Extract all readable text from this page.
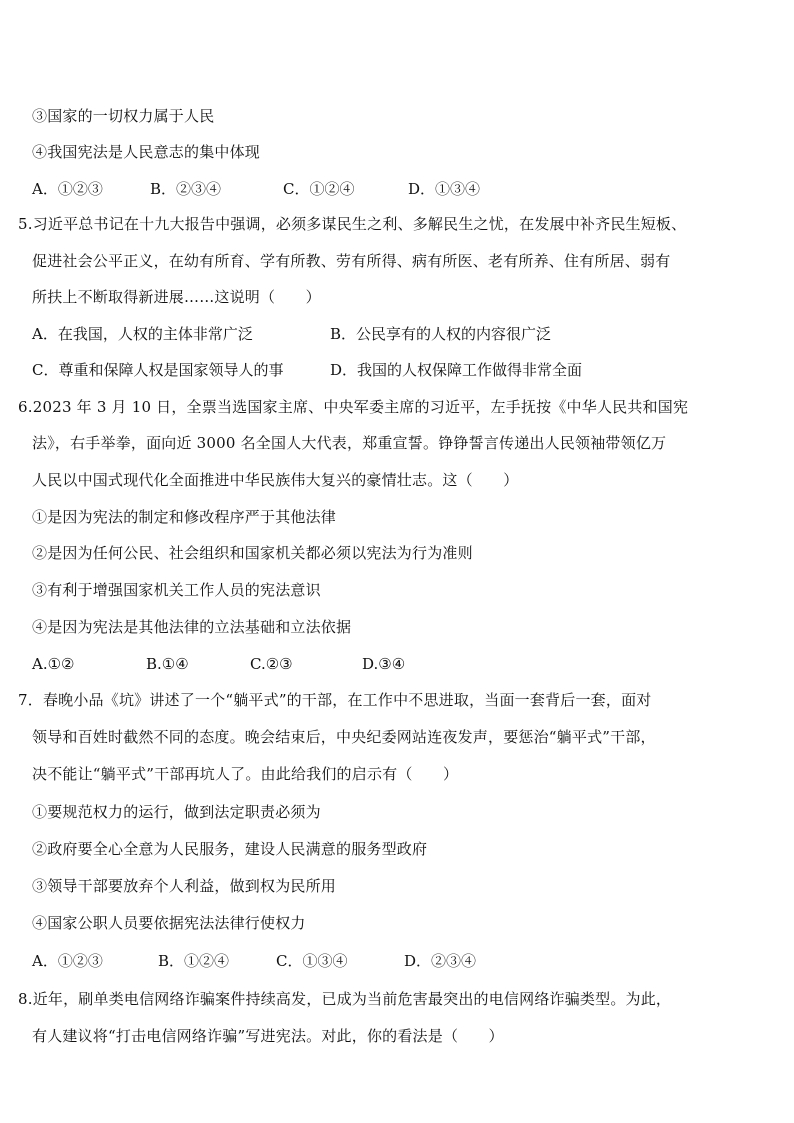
③国家的一切权力属于人民
④我国宪法是人民意志的集中体现
A．①②③	B．②③④	C．①②④	D．①③④
5.习近平总书记在十九大报告中强调，必须多谋民生之利、多解民生之忧，在发展中补齐民生短板、
促进社会公平正义，在幼有所育、学有所教、劳有所得、病有所医、老有所养、住有所居、弱有
所扶上不断取得新进展……这说明（　　）
A．在我国，人权的主体非常广泛	B．公民享有的人权的内容很广泛
C．尊重和保障人权是国家领导人的事	D．我国的人权保障工作做得非常全面
6.2023 年 3 月 10 日，全票当选国家主席、中央军委主席的习近平，左手抚按《中华人民共和国宪
法》，右手举拳，面向近 3000 名全国人大代表，郑重宣誓。铮铮誓言传递出人民领袖带领亿万
人民以中国式现代化全面推进中华民族伟大复兴的豪情壮志。这（　　）
①是因为宪法的制定和修改程序严于其他法律
②是因为任何公民、社会组织和国家机关都必须以宪法为行为准则
③有利于增强国家机关工作人员的宪法意识
④是因为宪法是其他法律的立法基础和立法依据
A.①②	B.①④	C.②③	D.③④
7．春晚小品《坑》讲述了一个“躺平式”的干部，在工作中不思进取，当面一套背后一套，面对
领导和百姓时截然不同的态度。晚会结束后，中央纪委网站连夜发声，要惩治“躺平式”干部，
决不能让“躺平式”干部再坑人了。由此给我们的启示有（　　）
①要规范权力的运行，做到法定职责必须为
②政府要全心全意为人民服务，建设人民满意的服务型政府
③领导干部要放弃个人利益，做到权为民所用
④国家公职人员要依据宪法法律行使权力
A．①②③	B．①②④	C．①③④	D．②③④
8.近年，刷单类电信网络诈骗案件持续高发，已成为当前危害最突出的电信网络诈骗类型。为此，
有人建议将“打击电信网络诈骗”写进宪法。对此，你的看法是（　　）
